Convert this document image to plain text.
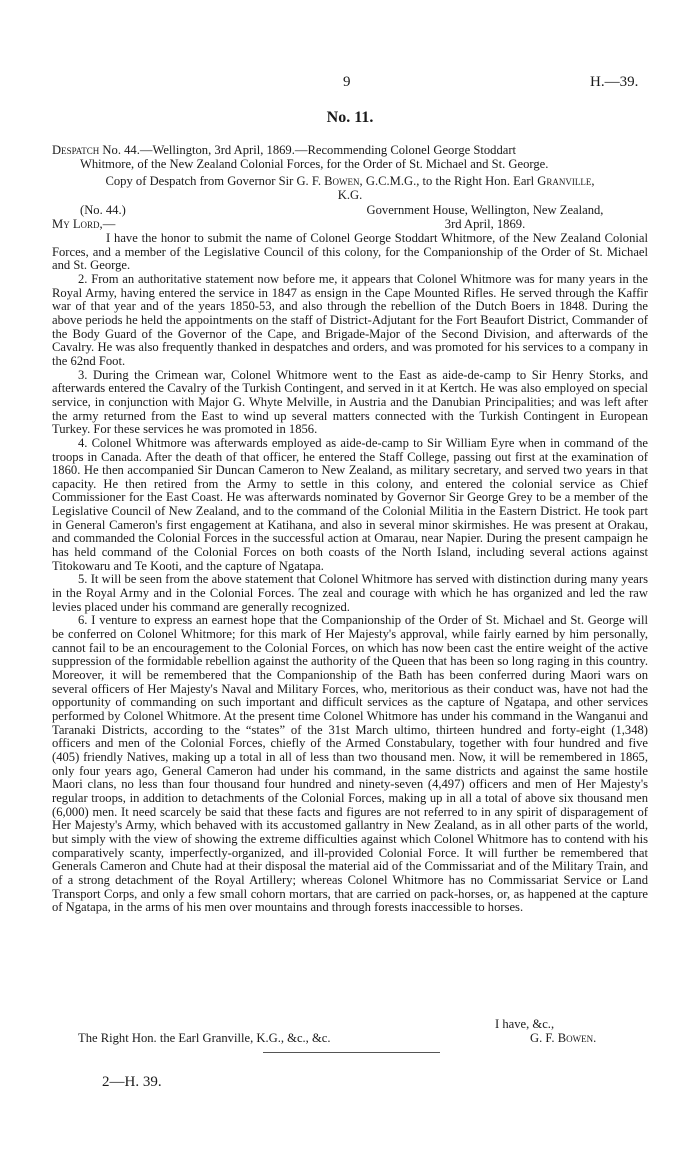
9	H.—39.
No. 11.
Despatch No. 44.—Wellington, 3rd April, 1869.—Recommending Colonel George Stoddart
Whitmore, of the New Zealand Colonial Forces, for the Order of St. Michael and St. George.
Copy of Despatch from Governor Sir G. F. Bowen, G.C.M.G., to the Right Hon. Earl Granville,
K.G.
(No. 44.)	Government House, Wellington, New Zealand,
3rd April, 1869.
My Lord,—

I have the honor to submit the name of Colonel George Stoddart Whitmore, of the New Zealand Colonial Forces, and a member of the Legislative Council of this colony, for the Companionship of the Order of St. Michael and St. George.

2. From an authoritative statement now before me, it appears that Colonel Whitmore was for many years in the Royal Army, having entered the service in 1847 as ensign in the Cape Mounted Rifles. He served through the Kaffir war of that year and of the years 1850-53, and also through the rebellion of the Dutch Boers in 1848. During the above periods he held the appointments on the staff of District-Adjutant for the Fort Beaufort District, Commander of the Body Guard of the Governor of the Cape, and Brigade-Major of the Second Division, and afterwards of the Cavalry. He was also frequently thanked in despatches and orders, and was promoted for his services to a company in the 62nd Foot.

3. During the Crimean war, Colonel Whitmore went to the East as aide-de-camp to Sir Henry Storks, and afterwards entered the Cavalry of the Turkish Contingent, and served in it at Kertch. He was also employed on special service, in conjunction with Major G. Whyte Melville, in Austria and the Danubian Principalities; and was left after the army returned from the East to wind up several matters connected with the Turkish Contingent in European Turkey. For these services he was promoted in 1856.

4. Colonel Whitmore was afterwards employed as aide-de-camp to Sir William Eyre when in command of the troops in Canada. After the death of that officer, he entered the Staff College, passing out first at the examination of 1860. He then accompanied Sir Duncan Cameron to New Zealand, as military secretary, and served two years in that capacity. He then retired from the Army to settle in this colony, and entered the colonial service as Chief Commissioner for the East Coast. He was afterwards nominated by Governor Sir George Grey to be a member of the Legislative Council of New Zealand, and to the command of the Colonial Militia in the Eastern District. He took part in General Cameron's first engagement at Katihana, and also in several minor skirmishes. He was present at Orakau, and commanded the Colonial Forces in the successful action at Omarau, near Napier. During the present campaign he has held command of the Colonial Forces on both coasts of the North Island, including several actions against Titokowaru and Te Kooti, and the capture of Ngatapa.

5. It will be seen from the above statement that Colonel Whitmore has served with distinction during many years in the Royal Army and in the Colonial Forces. The zeal and courage with which he has organized and led the raw levies placed under his command are generally recognized.

6. I venture to express an earnest hope that the Companionship of the Order of St. Michael and St. George will be conferred on Colonel Whitmore; for this mark of Her Majesty's approval, while fairly earned by him personally, cannot fail to be an encouragement to the Colonial Forces, on which has now been cast the entire weight of the active suppression of the formidable rebellion against the authority of the Queen that has been so long raging in this country. Moreover, it will be remembered that the Companionship of the Bath has been conferred during Maori wars on several officers of Her Majesty's Naval and Military Forces, who, meritorious as their conduct was, have not had the opportunity of commanding on such important and difficult services as the capture of Ngatapa, and other services performed by Colonel Whitmore. At the present time Colonel Whitmore has under his command in the Wanganui and Taranaki Districts, according to the “states” of the 31st March ultimo, thirteen hundred and forty-eight (1,348) officers and men of the Colonial Forces, chiefly of the Armed Constabulary, together with four hundred and five (405) friendly Natives, making up a total in all of less than two thousand men. Now, it will be remembered in 1865, only four years ago, General Cameron had under his command, in the same districts and against the same hostile Maori clans, no less than four thousand four hundred and ninety-seven (4,497) officers and men of Her Majesty's regular troops, in addition to detachments of the Colonial Forces, making up in all a total of above six thousand men (6,000) men. It need scarcely be said that these facts and figures are not referred to in any spirit of disparagement of Her Majesty's Army, which behaved with its accustomed gallantry in New Zealand, as in all other parts of the world, but simply with the view of showing the extreme difficulties against which Colonel Whitmore has to contend with his comparatively scanty, imperfectly-organized, and ill-provided Colonial Force. It will further be remembered that Generals Cameron and Chute had at their disposal the material aid of the Commissariat and of the Military Train, and of a strong detachment of the Royal Artillery; whereas Colonel Whitmore has no Commissariat Service or Land Transport Corps, and only a few small cohorn mortars, that are carried on pack-horses, or, as happened at the capture of Ngatapa, in the arms of his men over mountains and through forests inaccessible to horses.

I have, &c.,
The Right Hon. the Earl Granville, K.G., &c., &c.	G. F. Bowen.
2—H. 39.
